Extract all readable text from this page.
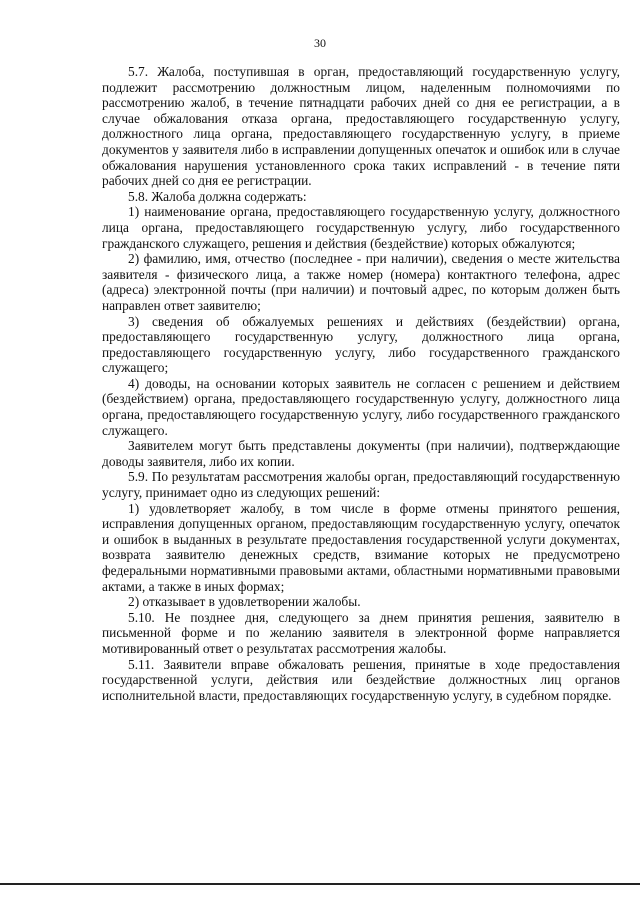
30

5.7. Жалоба, поступившая в орган, предоставляющий государственную услугу, подлежит рассмотрению должностным лицом, наделенным полномочиями по рассмотрению жалоб, в течение пятнадцати рабочих дней со дня ее регистрации, а в случае обжалования отказа органа, предоставляющего государственную услугу, должностного лица органа, предоставляющего государственную услугу, в приеме документов у заявителя либо в исправлении допущенных опечаток и ошибок или в случае обжалования нарушения установленного срока таких исправлений - в течение пяти рабочих дней со дня ее регистрации.

5.8. Жалоба должна содержать:

1) наименование органа, предоставляющего государственную услугу, должностного лица органа, предоставляющего государственную услугу, либо государственного гражданского служащего, решения и действия (бездействие) которых обжалуются;

2) фамилию, имя, отчество (последнее - при наличии), сведения о месте жительства заявителя - физического лица, а также номер (номера) контактного телефона, адрес (адреса) электронной почты (при наличии) и почтовый адрес, по которым должен быть направлен ответ заявителю;

3) сведения об обжалуемых решениях и действиях (бездействии) органа, предоставляющего государственную услугу, должностного лица органа, предоставляющего государственную услугу, либо государственного гражданского служащего;

4) доводы, на основании которых заявитель не согласен с решением и действием (бездействием) органа, предоставляющего государственную услугу, должностного лица органа, предоставляющего государственную услугу, либо государственного гражданского служащего.

Заявителем могут быть представлены документы (при наличии), подтверждающие доводы заявителя, либо их копии.

5.9. По результатам рассмотрения жалобы орган, предоставляющий государственную услугу, принимает одно из следующих решений:

1) удовлетворяет жалобу, в том числе в форме отмены принятого решения, исправления допущенных органом, предоставляющим государственную услугу, опечаток и ошибок в выданных в результате предоставления государственной услуги документах, возврата заявителю денежных средств, взимание которых не предусмотрено федеральными нормативными правовыми актами, областными нормативными правовыми актами, а также в иных формах;

2) отказывает в удовлетворении жалобы.

5.10. Не позднее дня, следующего за днем принятия решения, заявителю в письменной форме и по желанию заявителя в электронной форме направляется мотивированный ответ о результатах рассмотрения жалобы.

5.11. Заявители вправе обжаловать решения, принятые в ходе предоставления государственной услуги, действия или бездействие должностных лиц органов исполнительной власти, предоставляющих государственную услугу, в судебном порядке.
